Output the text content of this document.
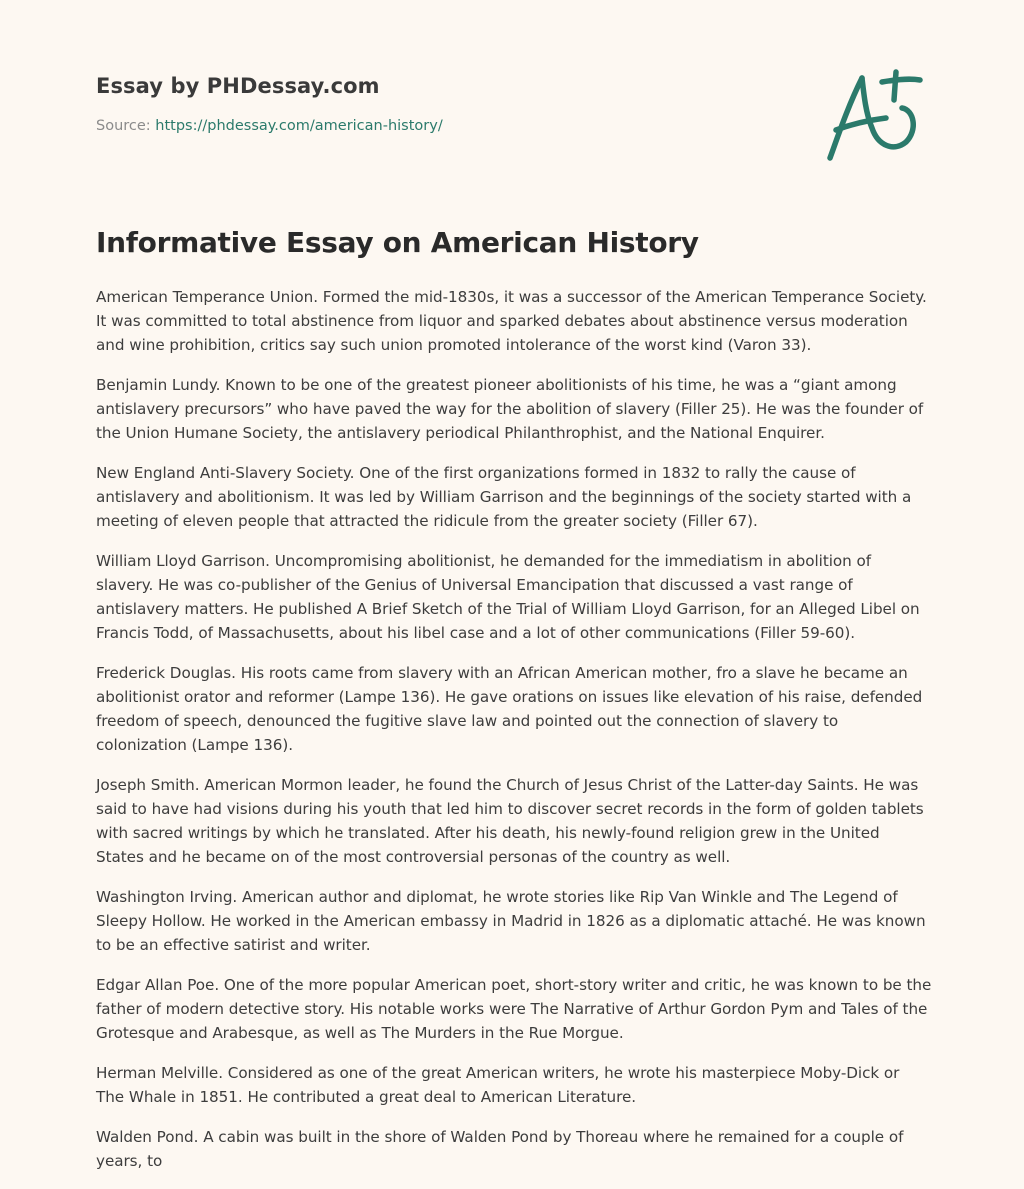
Essay by PHDessay.com
Source: https://phdessay.com/american-history/
Informative Essay on American History

American Temperance Union. Formed the mid-1830s, it was a successor of the American Temperance Society. It was committed to total abstinence from liquor and sparked debates about abstinence versus moderation and wine prohibition, critics say such union promoted intolerance of the worst kind (Varon 33).

Benjamin Lundy. Known to be one of the greatest pioneer abolitionists of his time, he was a “giant among antislavery precursors” who have paved the way for the abolition of slavery (Filler 25). He was the founder of the Union Humane Society, the antislavery periodical Philanthrophist, and the National Enquirer.

New England Anti-Slavery Society. One of the first organizations formed in 1832 to rally the cause of antislavery and abolitionism. It was led by William Garrison and the beginnings of the society started with a meeting of eleven people that attracted the ridicule from the greater society (Filler 67).

William Lloyd Garrison. Uncompromising abolitionist, he demanded for the immediatism in abolition of slavery. He was co-publisher of the Genius of Universal Emancipation that discussed a vast range of antislavery matters. He published A Brief Sketch of the Trial of William Lloyd Garrison, for an Alleged Libel on Francis Todd, of Massachusetts, about his libel case and a lot of other communications (Filler 59-60).

Frederick Douglas. His roots came from slavery with an African American mother, fro a slave he became an abolitionist orator and reformer (Lampe 136). He gave orations on issues like elevation of his raise, defended freedom of speech, denounced the fugitive slave law and pointed out the connection of slavery to colonization (Lampe 136).

Joseph Smith. American Mormon leader, he found the Church of Jesus Christ of the Latter-day Saints. He was said to have had visions during his youth that led him to discover secret records in the form of golden tablets with sacred writings by which he translated. After his death, his newly-found religion grew in the United States and he became on of the most controversial personas of the country as well.

Washington Irving. American author and diplomat, he wrote stories like Rip Van Winkle and The Legend of Sleepy Hollow. He worked in the American embassy in Madrid in 1826 as a diplomatic attaché. He was known to be an effective satirist and writer.

Edgar Allan Poe. One of the more popular American poet, short-story writer and critic, he was known to be the father of modern detective story. His notable works were The Narrative of Arthur Gordon Pym and Tales of the Grotesque and Arabesque, as well as The Murders in the Rue Morgue.

Herman Melville. Considered as one of the great American writers, he wrote his masterpiece Moby-Dick or The Whale in 1851. He contributed a great deal to American Literature.

Walden Pond. A cabin was built in the shore of Walden Pond by Thoreau where he remained for a couple of years, to
